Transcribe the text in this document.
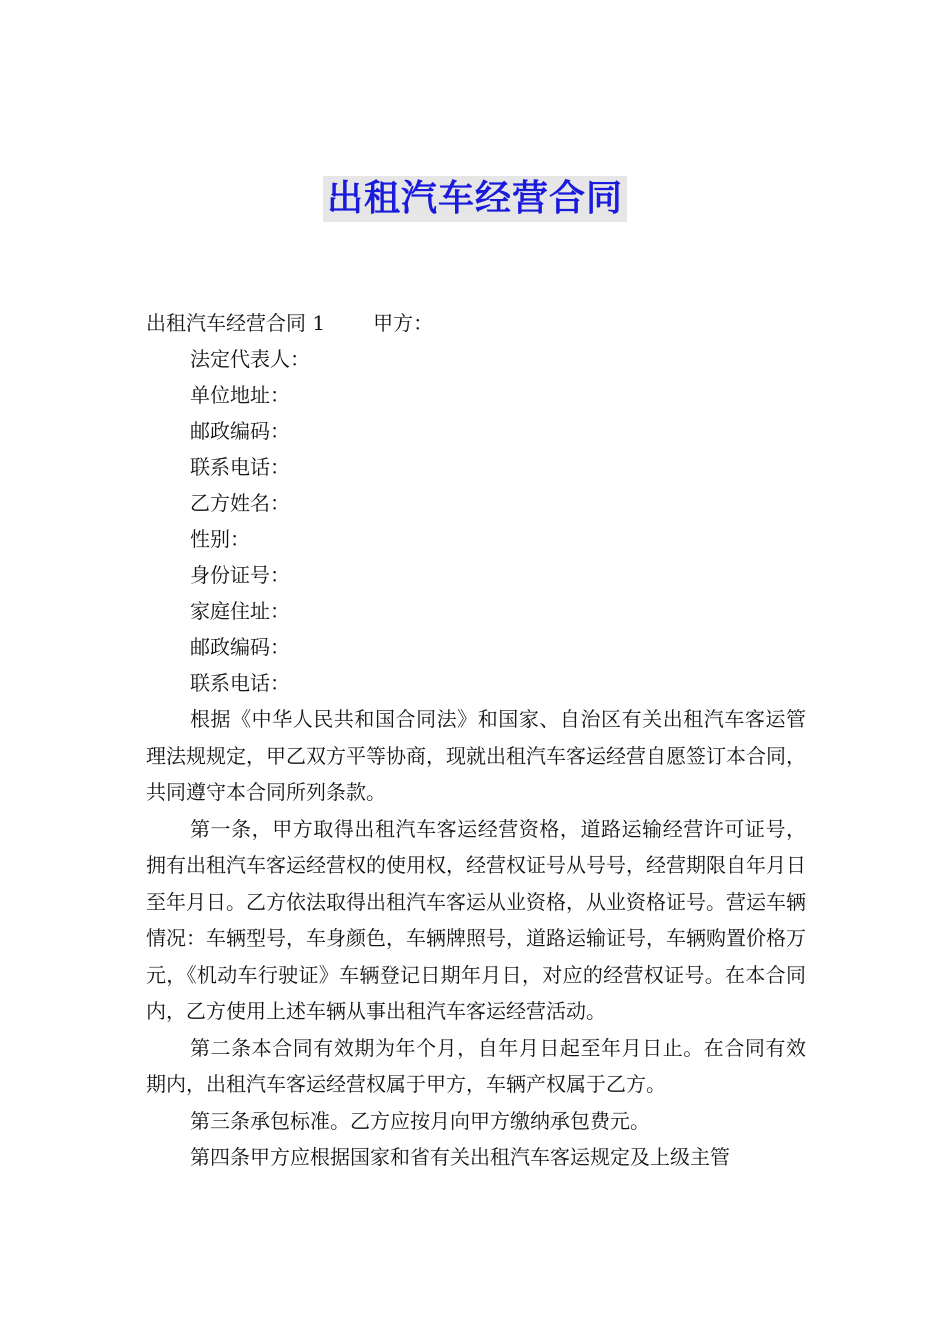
出租汽车经营合同
出租汽车经营合同 1 甲方：
法定代表人：
单位地址：
邮政编码：
联系电话：
乙方姓名：
性别：
身份证号：
家庭住址：
邮政编码：
联系电话：

根据《中华人民共和国合同法》和国家、自治区有关出租汽车客运管理法规规定，甲乙双方平等协商，现就出租汽车客运经营自愿签订本合同，共同遵守本合同所列条款。

第一条，甲方取得出租汽车客运经营资格，道路运输经营许可证号，拥有出租汽车客运经营权的使用权，经营权证号从号号，经营期限自年月日至年月日。乙方依法取得出租汽车客运从业资格，从业资格证号。营运车辆情况：车辆型号，车身颜色，车辆牌照号，道路运输证号，车辆购置价格万元，《机动车行驶证》车辆登记日期年月日，对应的经营权证号。在本合同内，乙方使用上述车辆从事出租汽车客运经营活动。

第二条本合同有效期为年个月，自年月日起至年月日止。在合同有效期内，出租汽车客运经营权属于甲方，车辆产权属于乙方。

第三条承包标准。乙方应按月向甲方缴纳承包费元。

第四条甲方应根据国家和省有关出租汽车客运规定及上级主管
